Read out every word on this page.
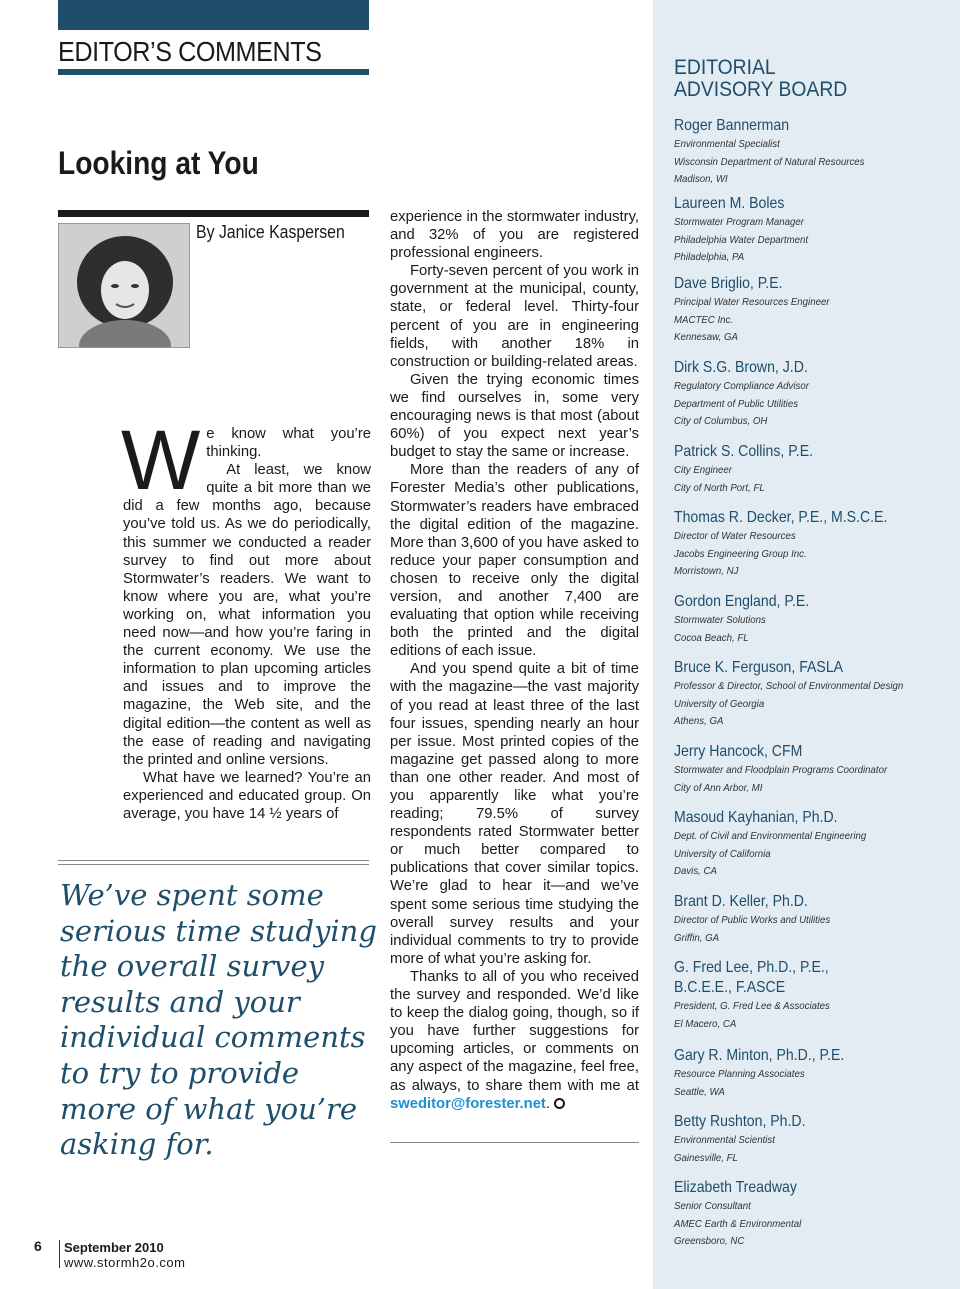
EDITOR’S COMMENTS
Looking at You
By Janice Kaspersen
W e know what you’re thinking.

At least, we know quite a bit more than we did a few months ago, because you’ve told us. As we do periodically, this summer we conducted a reader survey to find out more about Stormwater’s readers. We want to know where you are, what you’re working on, what information you need now—and how you’re faring in the current economy. We use the information to plan upcoming articles and issues and to improve the magazine, the Web site, and the digital edition—the content as well as the ease of reading and navigating the printed and online versions.

What have we learned? You’re an experienced and educated group. On average, you have 14 ½ years of

We’ve spent some serious time studying the overall survey results and your individual comments to try to provide more of what you’re asking for.

experience in the stormwater industry, and 32% of you are registered professional engineers.

Forty-seven percent of you work in government at the municipal, county, state, or federal level. Thirty-four percent of you are in engineering fields, with another 18% in construction or building-related areas.

Given the trying economic times we find ourselves in, some very encouraging news is that most (about 60%) of you expect next year’s budget to stay the same or increase.

More than the readers of any of Forester Media’s other publications, Stormwater’s readers have embraced the digital edition of the magazine. More than 3,600 of you have asked to reduce your paper consumption and chosen to receive only the digital version, and another 7,400 are evaluating that option while receiving both the printed and the digital editions of each issue.

And you spend quite a bit of time with the magazine—the vast majority of you read at least three of the last four issues, spending nearly an hour per issue. Most printed copies of the magazine get passed along to more than one other reader. And most of you apparently like what you’re reading; 79.5% of survey respondents rated Stormwater better or much better compared to publications that cover similar topics. We’re glad to hear it—and we’ve spent some serious time studying the overall survey results and your individual comments to try to provide more of what you’re asking for.

Thanks to all of you who received the survey and responded. We’d like to keep the dialog going, though, so if you have further suggestions for upcoming articles, or comments on any aspect of the magazine, feel free, as always, to share them with me at sweditor@forester.net.

6 September 2010
www.stormh2o.com
EDITORIAL
ADVISORY BOARD
Roger Bannerman
Environmental Specialist
Wisconsin Department of Natural Resources
Madison, WI
Laureen M. Boles
Stormwater Program Manager
Philadelphia Water Department
Philadelphia, PA
Dave Briglio, P.E.
Principal Water Resources Engineer
MACTEC Inc.
Kennesaw, GA
Dirk S.G. Brown, J.D.
Regulatory Compliance Advisor
Department of Public Utilities
City of Columbus, OH
Patrick S. Collins, P.E.
City Engineer
City of North Port, FL
Thomas R. Decker, P.E., M.S.C.E.
Director of Water Resources
Jacobs Engineering Group Inc.
Morristown, NJ
Gordon England, P.E.
Stormwater Solutions
Cocoa Beach, FL
Bruce K. Ferguson, FASLA
Professor & Director, School of Environmental Design
University of Georgia
Athens, GA
Jerry Hancock, CFM
Stormwater and Floodplain Programs Coordinator
City of Ann Arbor, MI
Masoud Kayhanian, Ph.D.
Dept. of Civil and Environmental Engineering
University of California
Davis, CA
Brant D. Keller, Ph.D.
Director of Public Works and Utilities
Griffin, GA
G. Fred Lee, Ph.D., P.E.,
B.C.E.E., F.ASCE
President, G. Fred Lee & Associates
El Macero, CA
Gary R. Minton, Ph.D., P.E.
Resource Planning Associates
Seattle, WA
Betty Rushton, Ph.D.
Environmental Scientist
Gainesville, FL
Elizabeth Treadway
Senior Consultant
AMEC Earth & Environmental
Greensboro, NC
